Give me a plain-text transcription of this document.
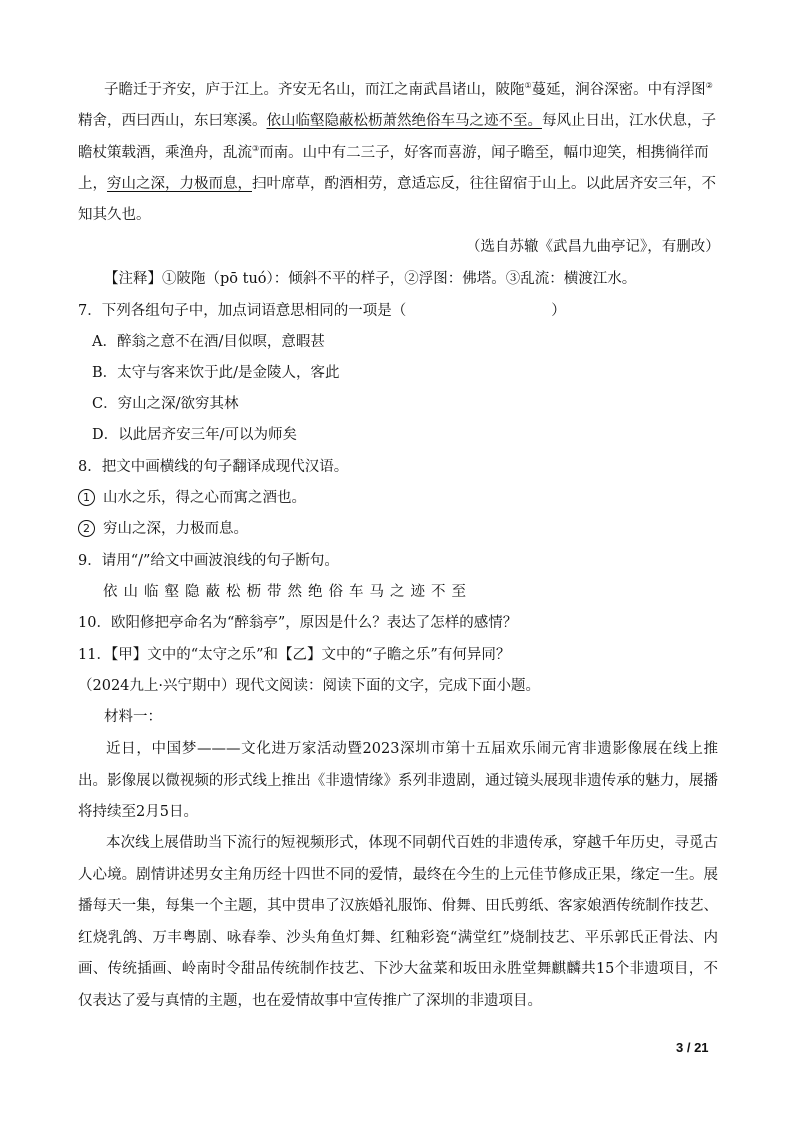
子瞻迁于齐安，庐于江上。齐安无名山，而江之南武昌诸山，陂陁①蔓延，涧谷深密。中有浮图②
精舍，西曰西山，东曰寒溪。依山临壑隐蔽松枥萧然绝俗车马之迹不至。每风止日出，江水伏息，子
瞻杖策载酒，乘渔舟，乱流③而南。山中有二三子，好客而喜游，闻子瞻至，幅巾迎笑，相携徜徉而
上，穷山之深，力极而息，扫叶席草，酌酒相劳，意适忘反，往往留宿于山上。以此居齐安三年，不
知其久也。
（选自苏辙《武昌九曲亭记》，有删改）
【注释】①陂陁（pō tuó）：倾斜不平的样子，②浮图：佛塔。③乱流：横渡江水。
7．下列各组句子中，加点词语意思相同的一项是（　　　　　　　　　　）
A．醉翁之意不在酒/目似暝，意暇甚
B．太守与客来饮于此/是金陵人，客此
C．穷山之深/欲穷其林
D．以此居齐安三年/可以为师矣
8．把文中画横线的句子翻译成现代汉语。
1 山水之乐，得之心而寓之酒也。
2 穷山之深，力极而息。
9．请用“/”给文中画波浪线的句子断句。
依 山 临 壑 隐 蔽 松 枥 带 然 绝 俗 车 马 之 迹 不 至
10．欧阳修把亭命名为“醉翁亭”，原因是什么？表达了怎样的感情？
11．【甲】文中的“太守之乐”和【乙】文中的“子瞻之乐”有何异同？
（2024九上·兴宁期中）现代文阅读：阅读下面的文字，完成下面小题。
材料一：
近日，中国梦———文化进万家活动暨2023深圳市第十五届欢乐闹元宵非遗影像展在线上推出。影像展以微视频的形式线上推出《非遗情缘》系列非遗剧，通过镜头展现非遗传承的魅力，展播将持续至2月5日。
本次线上展借助当下流行的短视频形式，体现不同朝代百姓的非遗传承，穿越千年历史，寻觅古人心境。剧情讲述男女主角历经十四世不同的爱情，最终在今生的上元佳节修成正果，缘定一生。展播每天一集，每集一个主题，其中贯串了汉族婚礼服饰、佾舞、田氏剪纸、客家娘酒传统制作技艺、红烧乳鸽、万丰粤剧、咏春拳、沙头角鱼灯舞、红釉彩瓷“满堂红”烧制技艺、平乐郭氏正骨法、内画、传统插画、岭南时令甜品传统制作技艺、下沙大盆菜和坂田永胜堂舞麒麟共15个非遗项目，不仅表达了爱与真情的主题，也在爱情故事中宣传推广了深圳的非遗项目。
3 / 21
